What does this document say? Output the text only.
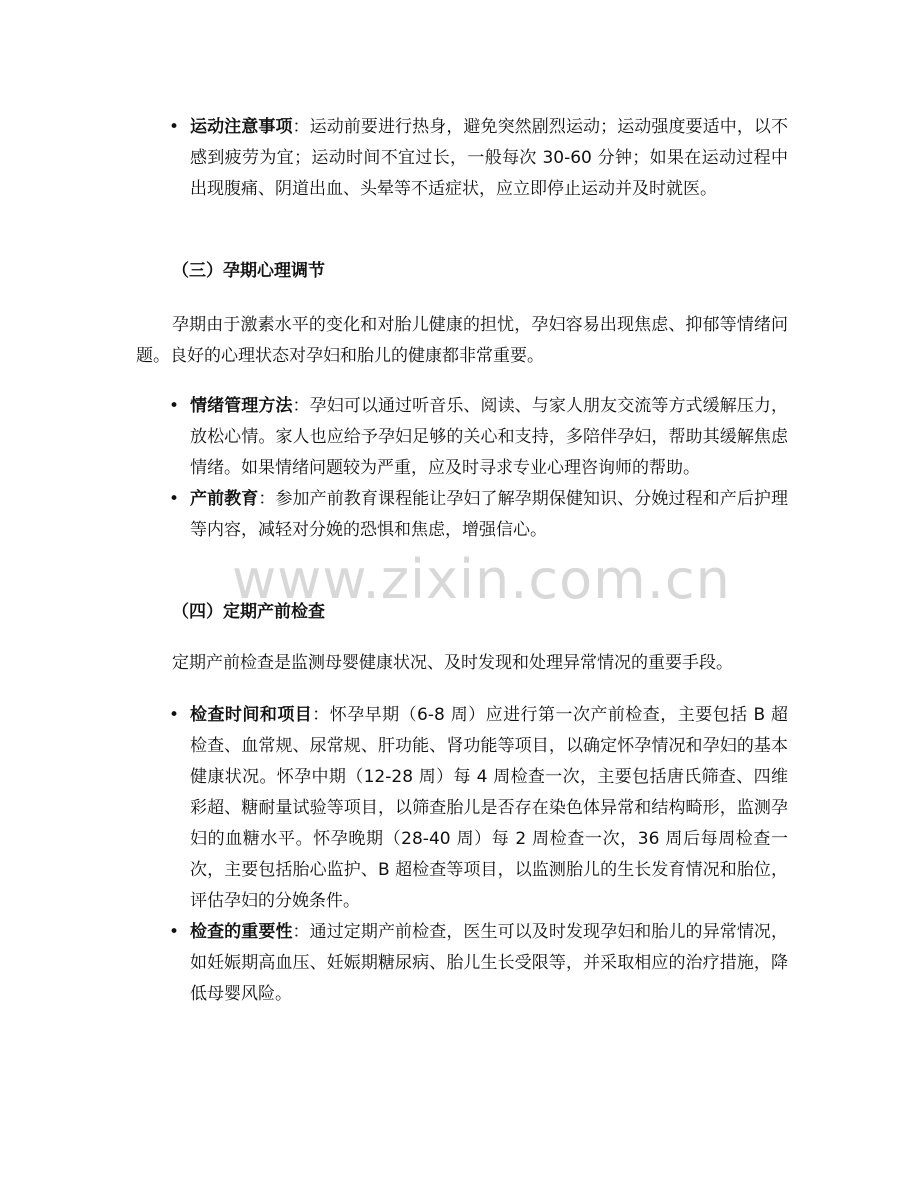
• 运动注意事项：运动前要进行热身，避免突然剧烈运动；运动强度要适中，以不感到疲劳为宜；运动时间不宜过长，一般每次 30-60 分钟；如果在运动过程中出现腹痛、阴道出血、头晕等不适症状，应立即停止运动并及时就医。
（三）孕期心理调节

孕期由于激素水平的变化和对胎儿健康的担忧，孕妇容易出现焦虑、抑郁等情绪问题。良好的心理状态对孕妇和胎儿的健康都非常重要。

• 情绪管理方法：孕妇可以通过听音乐、阅读、与家人朋友交流等方式缓解压力，放松心情。家人也应给予孕妇足够的关心和支持，多陪伴孕妇，帮助其缓解焦虑情绪。如果情绪问题较为严重，应及时寻求专业心理咨询师的帮助。
• 产前教育：参加产前教育课程能让孕妇了解孕期保健知识、分娩过程和产后护理等内容，减轻对分娩的恐惧和焦虑，增强信心。
（四）定期产前检查

定期产前检查是监测母婴健康状况、及时发现和处理异常情况的重要手段。

• 检查时间和项目：怀孕早期（6-8 周）应进行第一次产前检查，主要包括 B 超检查、血常规、尿常规、肝功能、肾功能等项目，以确定怀孕情况和孕妇的基本健康状况。怀孕中期（12-28 周）每 4 周检查一次，主要包括唐氏筛查、四维彩超、糖耐量试验等项目，以筛查胎儿是否存在染色体异常和结构畸形，监测孕妇的血糖水平。怀孕晚期（28-40 周）每 2 周检查一次，36 周后每周检查一次，主要包括胎心监护、B 超检查等项目，以监测胎儿的生长发育情况和胎位，评估孕妇的分娩条件。
• 检查的重要性：通过定期产前检查，医生可以及时发现孕妇和胎儿的异常情况，如妊娠期高血压、妊娠期糖尿病、胎儿生长受限等，并采取相应的治疗措施，降低母婴风险。
www.zixin.com.cn
